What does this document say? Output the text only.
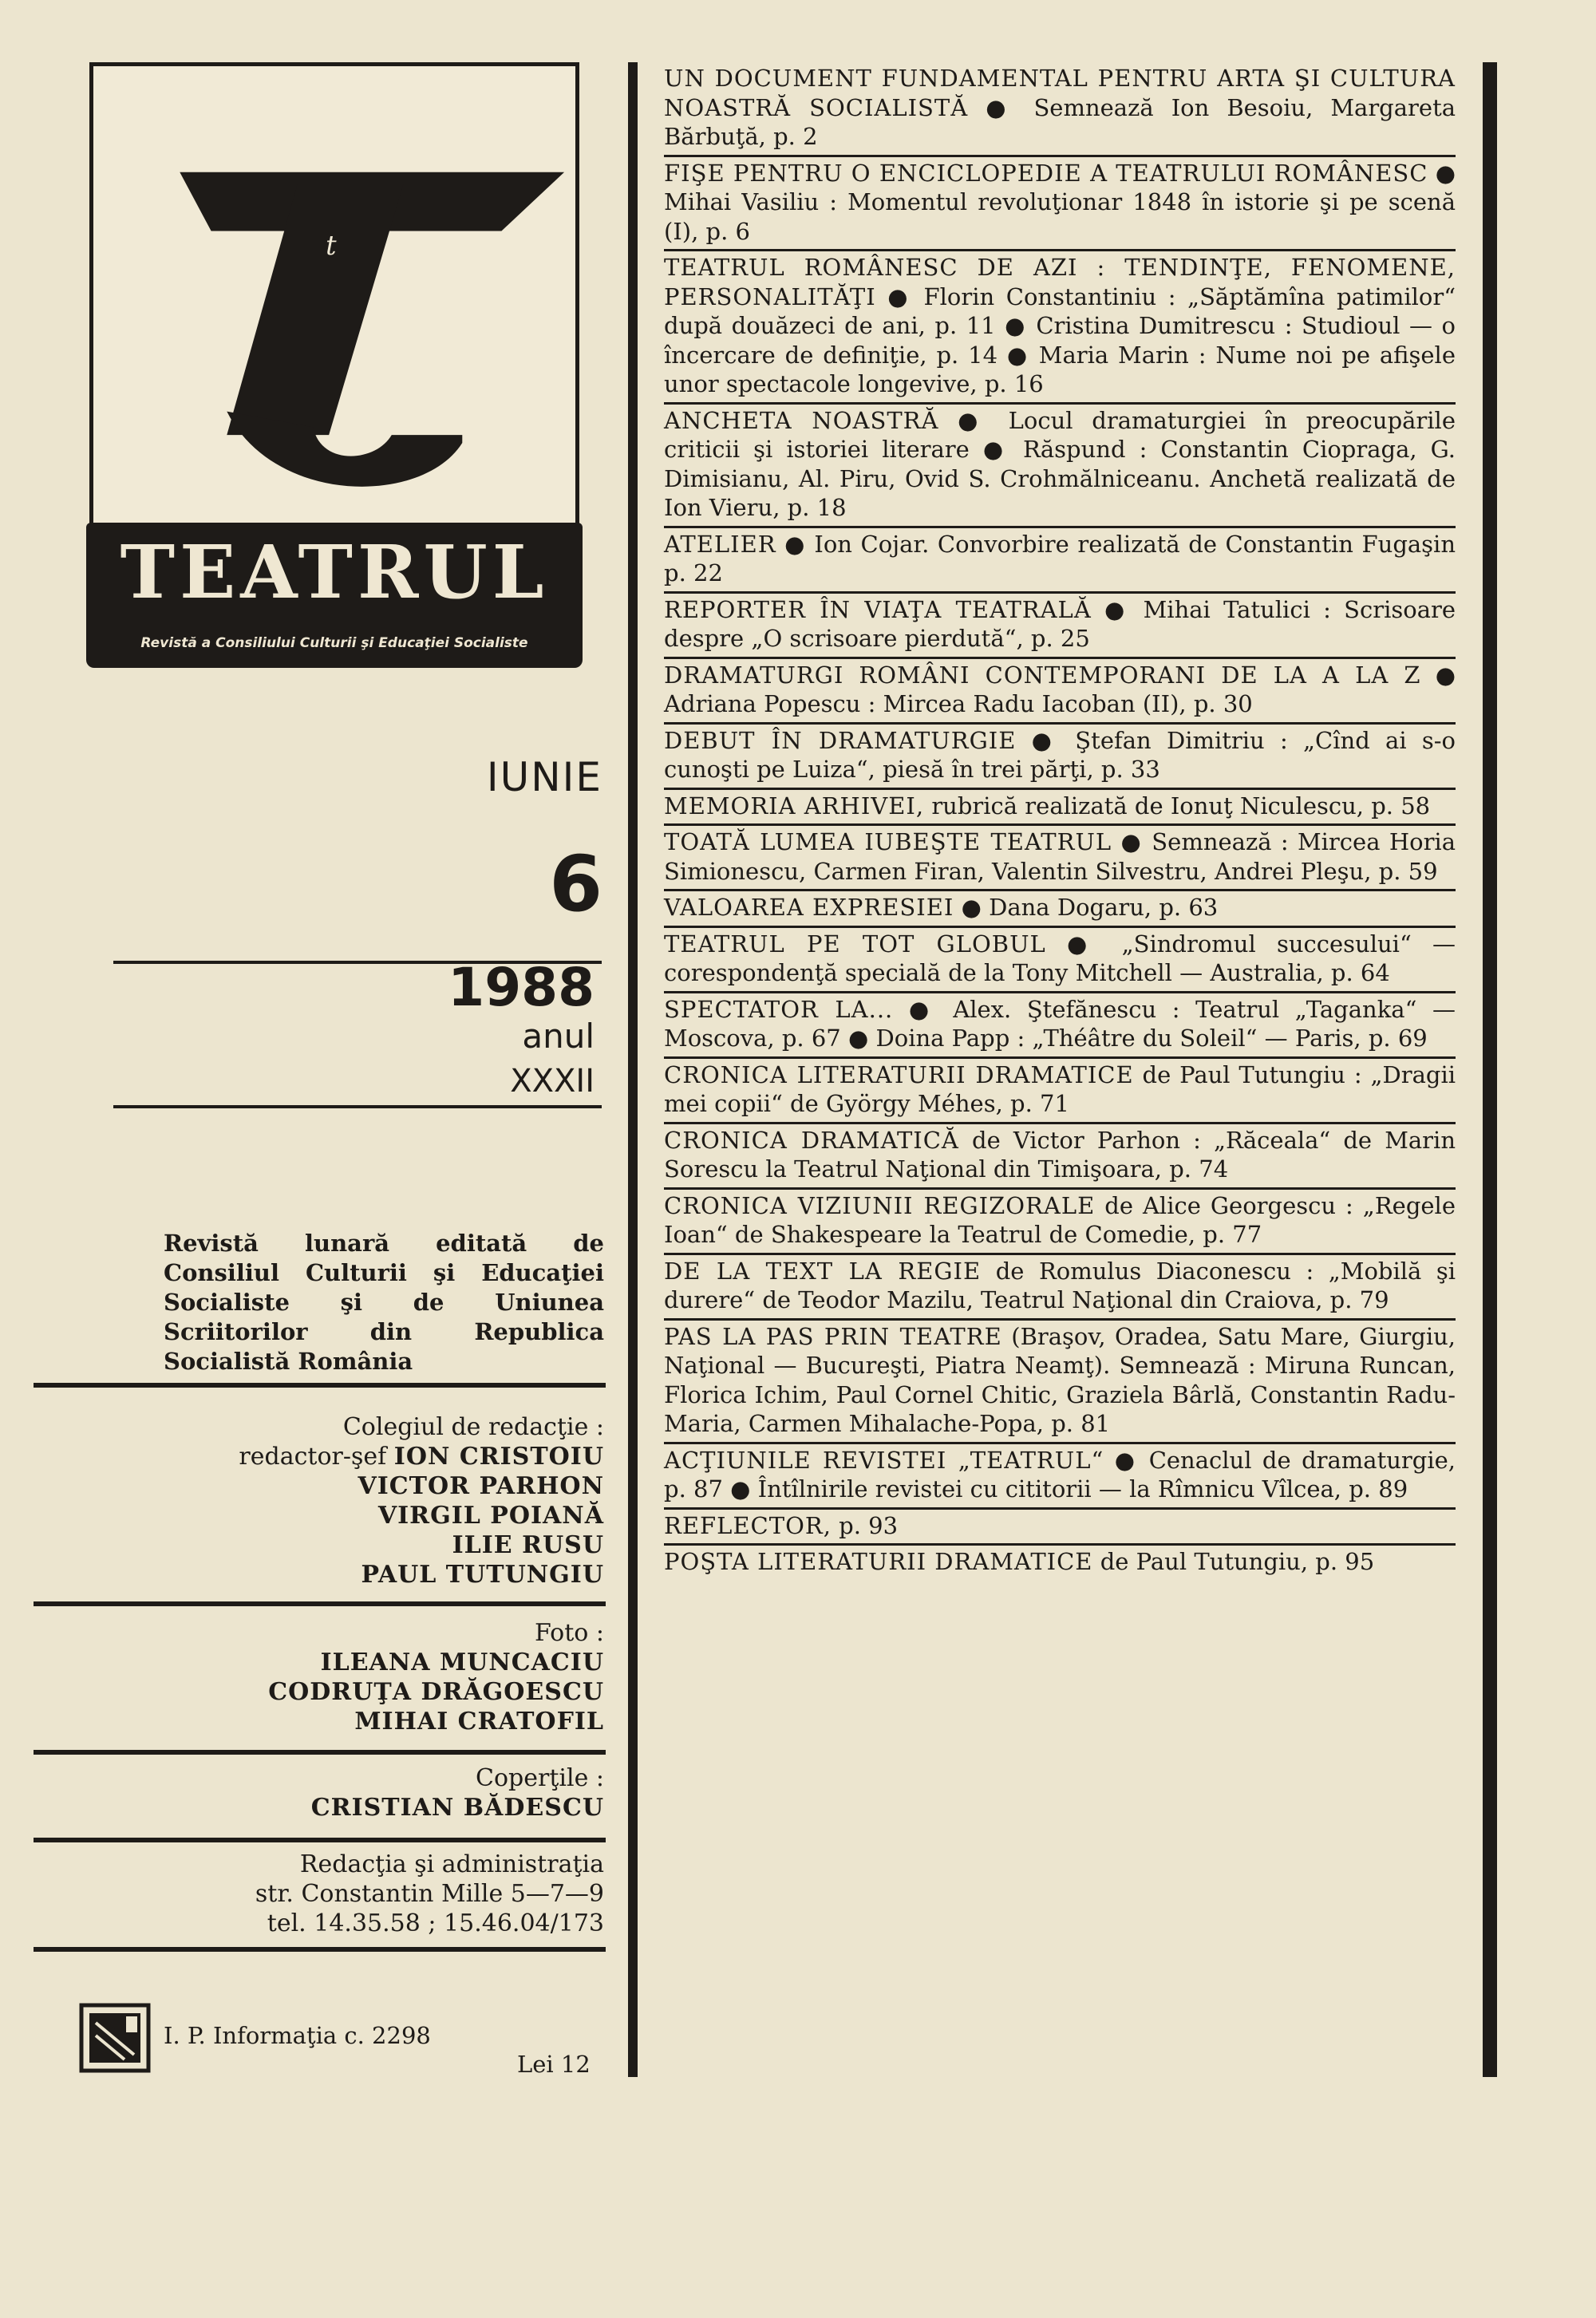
t
TEATRUL
Revistă a Consiliului Culturii şi Educaţiei Socialiste
IUNIE
6
1988
anul
XXXII
Revistă lunară editată de Consiliul Culturii şi Educaţiei Socialiste şi de Uniunea Scriitorilor din Republica Socialistă România
Colegiul de redacţie :
redactor-şef ION CRISTOIU
VICTOR PARHON
VIRGIL POIANĂ
ILIE RUSU
PAUL TUTUNGIU
Foto :
ILEANA MUNCACIU
CODRUŢA DRĂGOESCU
MIHAI CRATOFIL
Coperţile :
CRISTIAN BĂDESCU
Redacţia şi administraţia
str. Constantin Mille 5—7—9
tel. 14.35.58 ; 15.46.04/173
I. P. Informaţia c. 2298
Lei 12
UN DOCUMENT FUNDAMENTAL PENTRU ARTA ŞI CULTURA NOASTRĂ SOCIALISTĂ ● Semnează Ion Besoiu, Margareta Bărbuţă, p. 2
FIŞE PENTRU O ENCICLOPEDIE A TEATRULUI ROMÂNESC ● Mihai Vasiliu : Momentul revoluţionar 1848 în istorie şi pe scenă (I), p. 6
TEATRUL ROMÂNESC DE AZI : TENDINŢE, FENOMENE, PERSONALITĂŢI ● Florin Constantiniu : „Săptămîna patimilor“ după douăzeci de ani, p. 11 ● Cristina Dumitrescu : Studioul — o încercare de definiţie, p. 14 ● Maria Marin : Nume noi pe afişele unor spectacole longevive, p. 16
ANCHETA NOASTRĂ ● Locul dramaturgiei în preocupările criticii şi istoriei literare ● Răspund : Constantin Ciopraga, G. Dimisianu, Al. Piru, Ovid S. Crohmălniceanu. Anchetă realizată de Ion Vieru, p. 18
ATELIER ● Ion Cojar. Convorbire realizată de Constantin Fugaşin p. 22
REPORTER ÎN VIAŢA TEATRALĂ ● Mihai Tatulici : Scrisoare despre „O scrisoare pierdută“, p. 25
DRAMATURGI ROMÂNI CONTEMPORANI DE LA A LA Z ● Adriana Popescu : Mircea Radu Iacoban (II), p. 30
DEBUT ÎN DRAMATURGIE ● Ştefan Dimitriu : „Cînd ai s-o cunoşti pe Luiza“, piesă în trei părţi, p. 33
MEMORIA ARHIVEI, rubrică realizată de Ionuţ Niculescu, p. 58
TOATĂ LUMEA IUBEŞTE TEATRUL ● Semnează : Mircea Horia Simionescu, Carmen Firan, Valentin Silvestru, Andrei Pleşu, p. 59
VALOAREA EXPRESIEI ● Dana Dogaru, p. 63
TEATRUL PE TOT GLOBUL ● „Sindromul succesului“ — corespondenţă specială de la Tony Mitchell — Australia, p. 64
SPECTATOR LA... ● Alex. Ştefănescu : Teatrul „Taganka“ — Moscova, p. 67 ● Doina Papp : „Théâtre du Soleil“ — Paris, p. 69
CRONICA LITERATURII DRAMATICE de Paul Tutungiu : „Dragii mei copii“ de György Méhes, p. 71
CRONICA DRAMATICĂ de Victor Parhon : „Răceala“ de Marin Sorescu la Teatrul Naţional din Timişoara, p. 74
CRONICA VIZIUNII REGIZORALE de Alice Georgescu : „Regele Ioan“ de Shakespeare la Teatrul de Comedie, p. 77
DE LA TEXT LA REGIE de Romulus Diaconescu : „Mobilă şi durere“ de Teodor Mazilu, Teatrul Naţional din Craiova, p. 79
PAS LA PAS PRIN TEATRE (Braşov, Oradea, Satu Mare, Giurgiu, Naţional — Bucureşti, Piatra Neamţ). Semnează : Miruna Runcan, Florica Ichim, Paul Cornel Chitic, Graziela Bârlă, Constantin Radu-Maria, Carmen Mihalache-Popa, p. 81
ACŢIUNILE REVISTEI „TEATRUL“ ● Cenaclul de dramaturgie, p. 87 ● Întîlnirile revistei cu cititorii — la Rîmnicu Vîlcea, p. 89
REFLECTOR, p. 93
POŞTA LITERATURII DRAMATICE de Paul Tutungiu, p. 95
